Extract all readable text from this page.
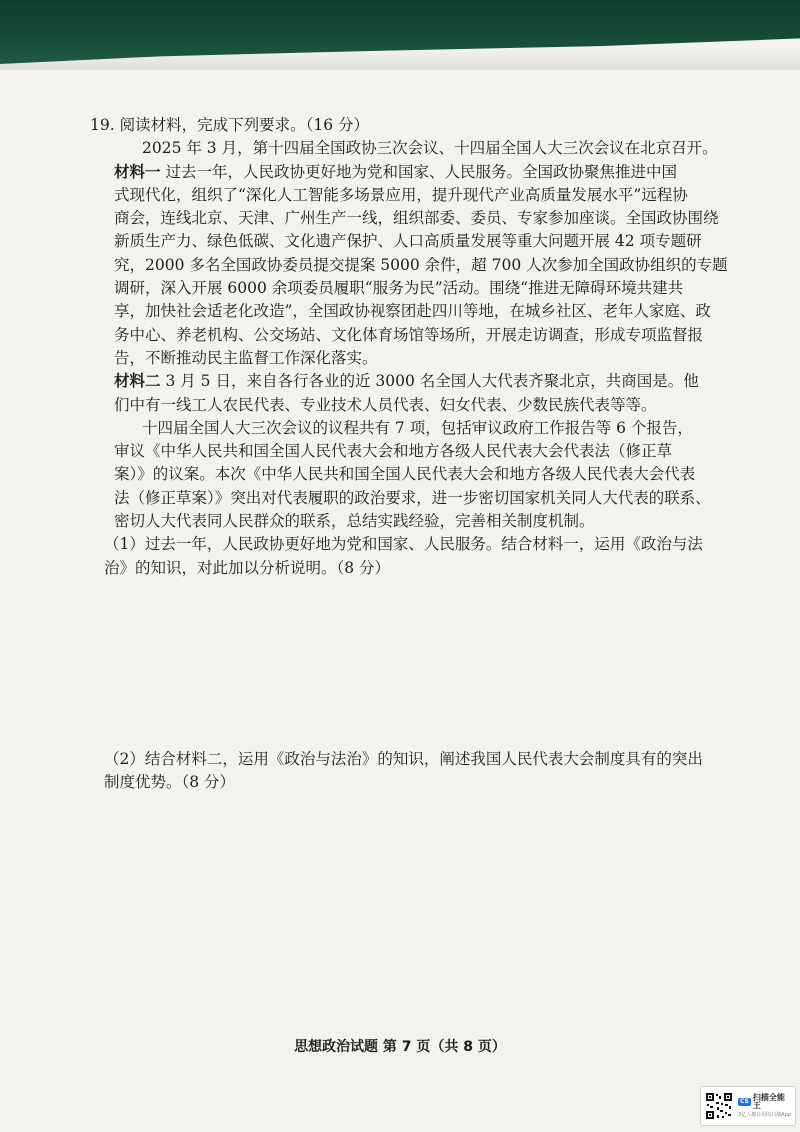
19. 阅读材料，完成下列要求。（16 分）
2025 年 3 月，第十四届全国政协三次会议、十四届全国人大三次会议在北京召开。
材料一 过去一年，人民政协更好地为党和国家、人民服务。全国政协聚焦推进中国
式现代化，组织了“深化人工智能多场景应用，提升现代产业高质量发展水平”远程协
商会，连线北京、天津、广州生产一线，组织部委、委员、专家参加座谈。全国政协围绕
新质生产力、绿色低碳、文化遗产保护、人口高质量发展等重大问题开展 42 项专题研
究，2000 多名全国政协委员提交提案 5000 余件，超 700 人次参加全国政协组织的专题
调研，深入开展 6000 余项委员履职“服务为民”活动。围绕“推进无障碍环境共建共
享，加快社会适老化改造”，全国政协视察团赴四川等地，在城乡社区、老年人家庭、政
务中心、养老机构、公交场站、文化体育场馆等场所，开展走访调查，形成专项监督报
告，不断推动民主监督工作深化落实。
材料二 3 月 5 日，来自各行各业的近 3000 名全国人大代表齐聚北京，共商国是。他
们中有一线工人农民代表、专业技术人员代表、妇女代表、少数民族代表等等。
十四届全国人大三次会议的议程共有 7 项，包括审议政府工作报告等 6 个报告，
审议《中华人民共和国全国人民代表大会和地方各级人民代表大会代表法（修正草
案）》的议案。本次《中华人民共和国全国人民代表大会和地方各级人民代表大会代表
法（修正草案）》突出对代表履职的政治要求，进一步密切国家机关同人大代表的联系、
密切人大代表同人民群众的联系，总结实践经验，完善相关制度机制。
（1）过去一年，人民政协更好地为党和国家、人民服务。结合材料一，运用《政治与法
治》的知识，对此加以分析说明。（8 分）
（2）结合材料二，运用《政治与法治》的知识，阐述我国人民代表大会制度具有的突出
制度优势。（8 分）
思想政治试题 第 7 页（共 8 页）
CS 扫描全能王
3亿人都在用的扫描App
